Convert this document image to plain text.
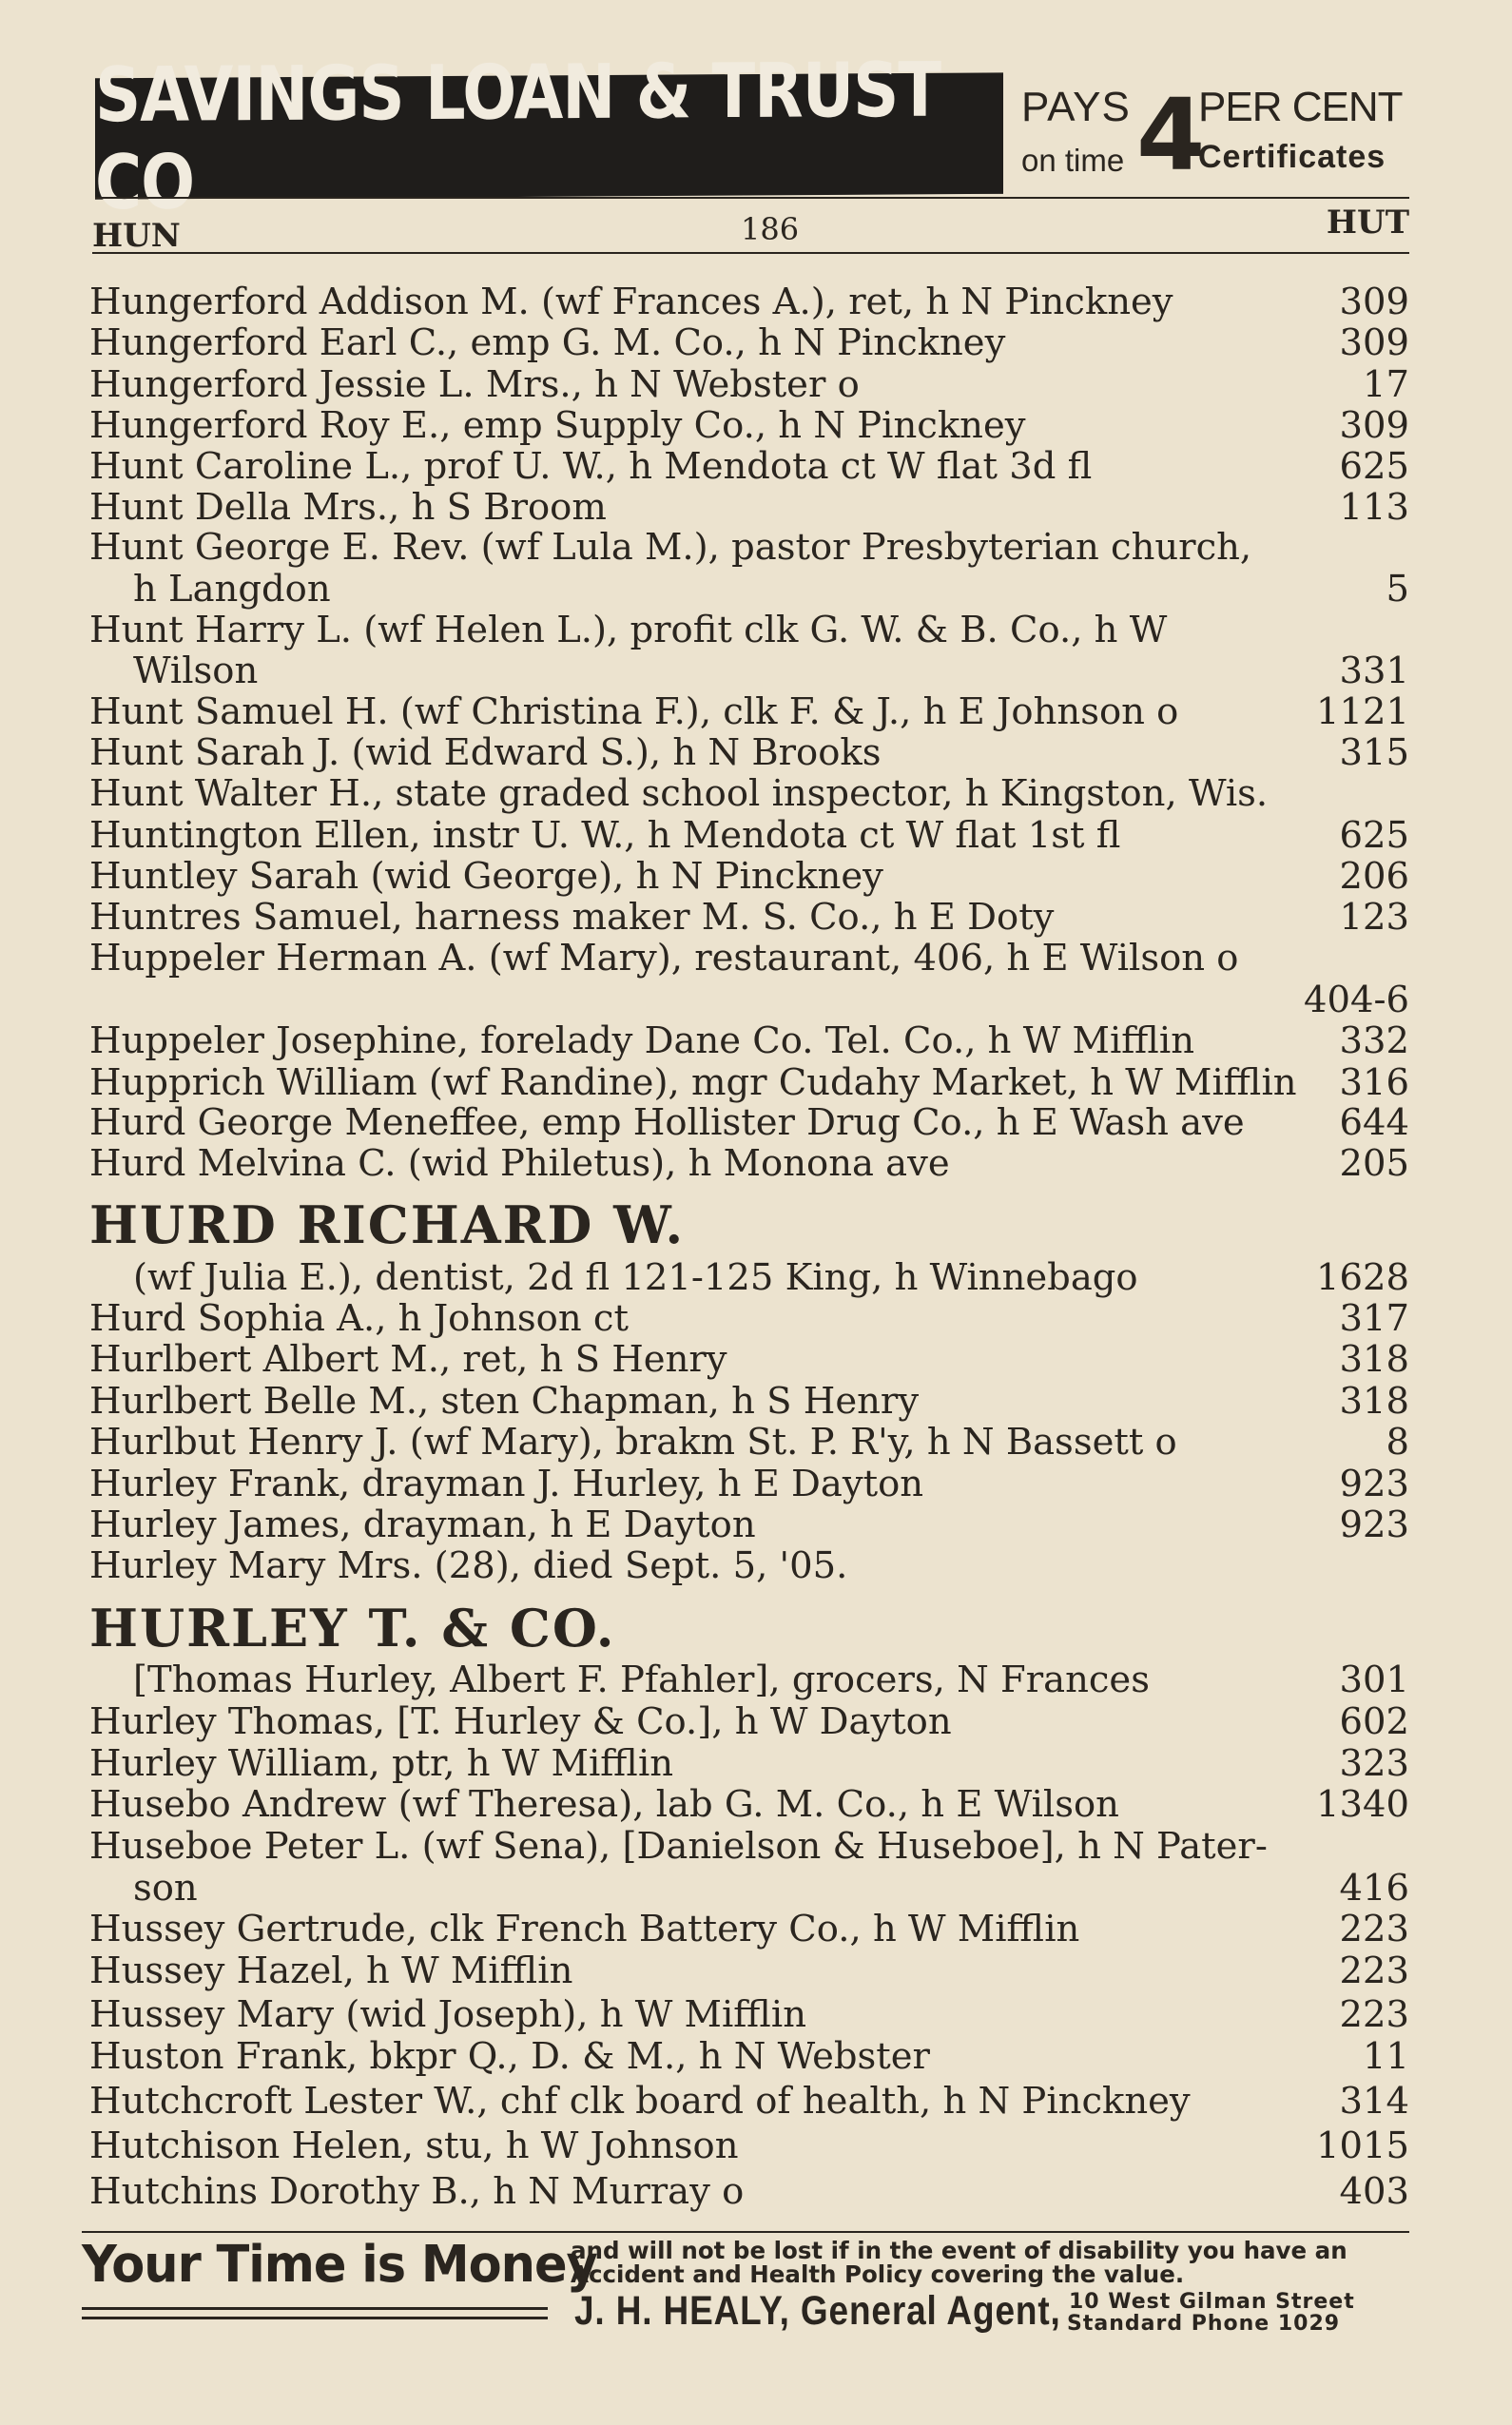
SAVINGS LOAN & TRUST CO
PAYS
on time 4
PER CENT
Certificates
HUN	186	HUT
Hungerford Addison M. (wf Frances A.), ret, h N Pinckney	309
Hungerford Earl C., emp G. M. Co., h N Pinckney	309
Hungerford Jessie L. Mrs., h N Webster o	17
Hungerford Roy E., emp Supply Co., h N Pinckney	309
Hunt Caroline L., prof U. W., h Mendota ct W flat 3d fl	625
Hunt Della Mrs., h S Broom	113
Hunt George E. Rev. (wf Lula M.), pastor Presbyterian church,
h Langdon	5
Hunt Harry L. (wf Helen L.), profit clk G. W. & B. Co., h W
Wilson	331
Hunt Samuel H. (wf Christina F.), clk F. & J., h E Johnson o	1121
Hunt Sarah J. (wid Edward S.), h N Brooks	315
Hunt Walter H., state graded school inspector, h Kingston, Wis.
Huntington Ellen, instr U. W., h Mendota ct W flat 1st fl	625
Huntley Sarah (wid George), h N Pinckney	206
Huntres Samuel, harness maker M. S. Co., h E Doty	123
Huppeler Herman A. (wf Mary), restaurant, 406, h E Wilson o
404-6
Huppeler Josephine, forelady Dane Co. Tel. Co., h W Mifflin	332
Hupprich William (wf Randine), mgr Cudahy Market, h W Mifflin 316
Hurd George Meneffee, emp Hollister Drug Co., h E Wash ave	644
Hurd Melvina C. (wid Philetus), h Monona ave	205
HURD RICHARD W.
(wf Julia E.), dentist, 2d fl 121-125 King, h Winnebago	1628
Hurd Sophia A., h Johnson ct	317
Hurlbert Albert M., ret, h S Henry	318
Hurlbert Belle M., sten Chapman, h S Henry	318
Hurlbut Henry J. (wf Mary), brakm St. P. R'y, h N Bassett o	8
Hurley Frank, drayman J. Hurley, h E Dayton	923
Hurley James, drayman, h E Dayton	923
Hurley Mary Mrs. (28), died Sept. 5, '05.
HURLEY T. & CO.
[Thomas Hurley, Albert F. Pfahler], grocers, N Frances	301
Hurley Thomas, [T. Hurley & Co.], h W Dayton	602
Hurley William, ptr, h W Mifflin	323
Husebo Andrew (wf Theresa), lab G. M. Co., h E Wilson	1340
Huseboe Peter L. (wf Sena), [Danielson & Huseboe], h N Pater-
son	416
Hussey Gertrude, clk French Battery Co., h W Mifflin	223
Hussey Hazel, h W Mifflin	223
Hussey Mary (wid Joseph), h W Mifflin	223
Huston Frank, bkpr Q., D. & M., h N Webster	11
Hutchcroft Lester W., chf clk board of health, h N Pinckney	314
Hutchison Helen, stu, h W Johnson	1015
Hutchins Dorothy B., h N Murray o	403
Your Time is Money
and will not be lost if in the event of disability you have an
Accident and Health Policy covering the value.
J. H. HEALY, General Agent, 10 West Gilman Street
Standard Phone 1029
